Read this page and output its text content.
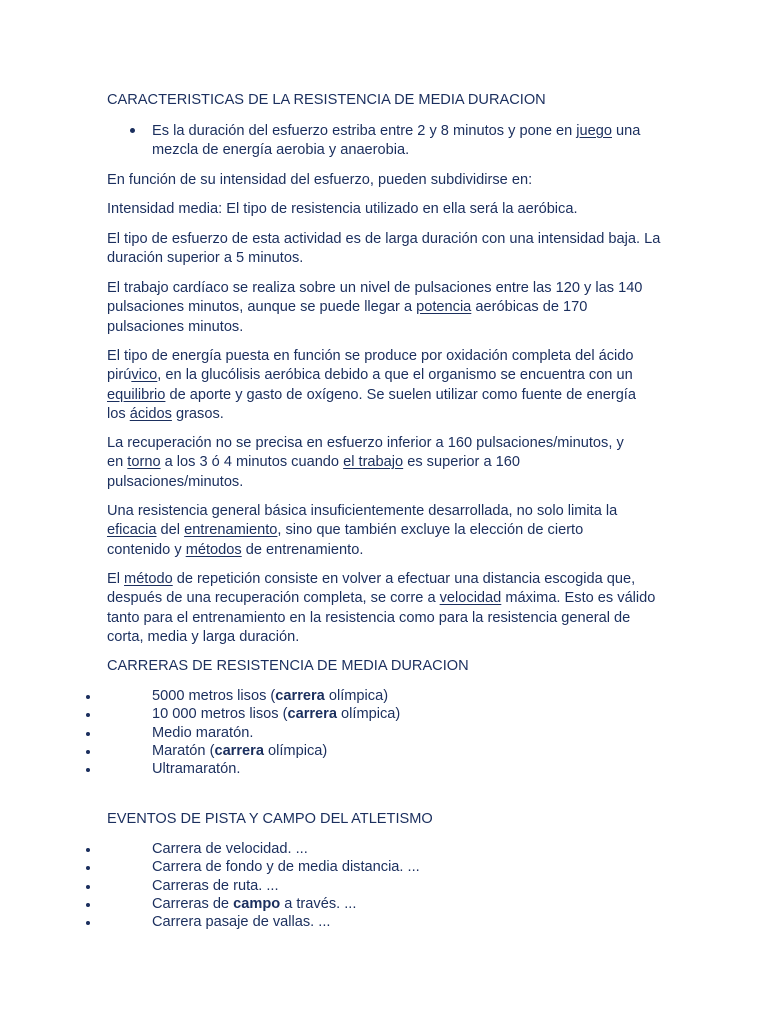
CARACTERISTICAS DE LA RESISTENCIA DE MEDIA DURACION

Es la duración del esfuerzo estriba entre 2 y 8 minutos y pone en juego una mezcla de energía aerobia y anaerobia.

En función de su intensidad del esfuerzo, pueden subdividirse en:

Intensidad media: El tipo de resistencia utilizado en ella será la aeróbica.

El tipo de esfuerzo de esta actividad es de larga duración con una intensidad baja. La duración superior a 5 minutos.

El trabajo cardíaco se realiza sobre un nivel de pulsaciones entre las 120 y las 140 pulsaciones minutos, aunque se puede llegar a potencia aeróbicas de 170 pulsaciones minutos.

El tipo de energía puesta en función se produce por oxidación completa del ácido pirúvico, en la glucólisis aeróbica debido a que el organismo se encuentra con un equilibrio de aporte y gasto de oxígeno. Se suelen utilizar como fuente de energía los ácidos grasos.

La recuperación no se precisa en esfuerzo inferior a 160 pulsaciones/minutos, y en torno a los 3 ó 4 minutos cuando el trabajo es superior a 160 pulsaciones/minutos.

Una resistencia general básica insuficientemente desarrollada, no solo limita la eficacia del entrenamiento, sino que también excluye la elección de cierto contenido y métodos de entrenamiento.

El método de repetición consiste en volver a efectuar una distancia escogida que, después de una recuperación completa, se corre a velocidad máxima. Esto es válido tanto para el entrenamiento en la resistencia como para la resistencia general de corta, media y larga duración.

CARRERAS DE RESISTENCIA DE MEDIA DURACION

5000 metros lisos (carrera olímpica)
10 000 metros lisos (carrera olímpica)
Medio maratón.
Maratón (carrera olímpica)
Ultramaratón.

EVENTOS DE PISTA Y CAMPO DEL ATLETISMO

Carrera de velocidad. ...
Carrera de fondo y de media distancia. ...
Carreras de ruta. ...
Carreras de campo a través. ...
Carrera pasaje de vallas. ...
